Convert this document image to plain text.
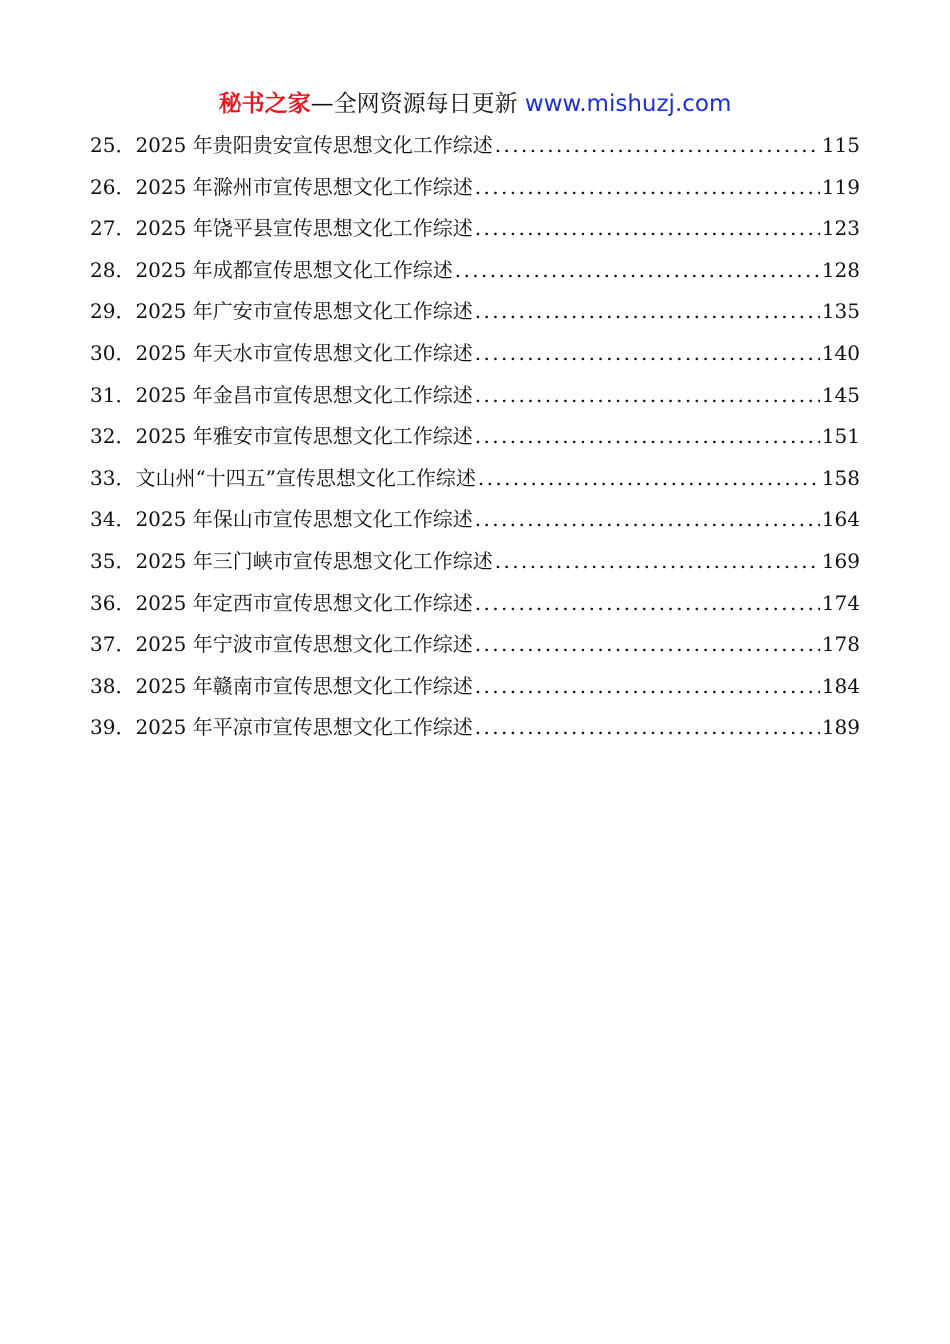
秘书之家—全网资源每日更新 www.mishuzj.com
25．2025 年贵阳贵安宣传思想文化工作综述 .....	115
26．2025 年滁州市宣传思想文化工作综述 .....	119
27．2025 年饶平县宣传思想文化工作综述 .....	123
28．2025 年成都宣传思想文化工作综述 .....	128
29．2025 年广安市宣传思想文化工作综述 .....	135
30．2025 年天水市宣传思想文化工作综述 .....	140
31．2025 年金昌市宣传思想文化工作综述 .....	145
32．2025 年雅安市宣传思想文化工作综述 .....	151
33．文山州“十四五”宣传思想文化工作综述 .....	158
34．2025 年保山市宣传思想文化工作综述 .....	164
35．2025 年三门峡市宣传思想文化工作综述 .....	169
36．2025 年定西市宣传思想文化工作综述 .....	174
37．2025 年宁波市宣传思想文化工作综述 .....	178
38．2025 年赣南市宣传思想文化工作综述 .....	184
39．2025 年平凉市宣传思想文化工作综述 .....	189
